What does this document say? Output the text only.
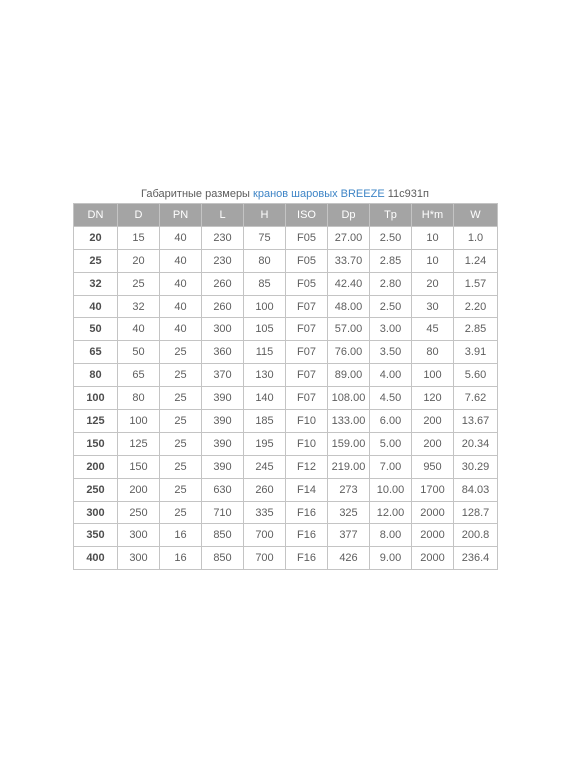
Габаритные размеры кранов шаровых BREEZE 11с931п
DN	D	PN	L	H	ISO	Dp	Tp	H*m	W
20	15	40	230	75	F05	27.00	2.50	10	1.0
25	20	40	230	80	F05	33.70	2.85	10	1.24
32	25	40	260	85	F05	42.40	2.80	20	1.57
40	32	40	260	100	F07	48.00	2.50	30	2.20
50	40	40	300	105	F07	57.00	3.00	45	2.85
65	50	25	360	115	F07	76.00	3.50	80	3.91
80	65	25	370	130	F07	89.00	4.00	100	5.60
100	80	25	390	140	F07	108.00	4.50	120	7.62
125	100	25	390	185	F10	133.00	6.00	200	13.67
150	125	25	390	195	F10	159.00	5.00	200	20.34
200	150	25	390	245	F12	219.00	7.00	950	30.29
250	200	25	630	260	F14	273	10.00	1700	84.03
300	250	25	710	335	F16	325	12.00	2000	128.7
350	300	16	850	700	F16	377	8.00	2000	200.8
400	300	16	850	700	F16	426	9.00	2000	236.4
